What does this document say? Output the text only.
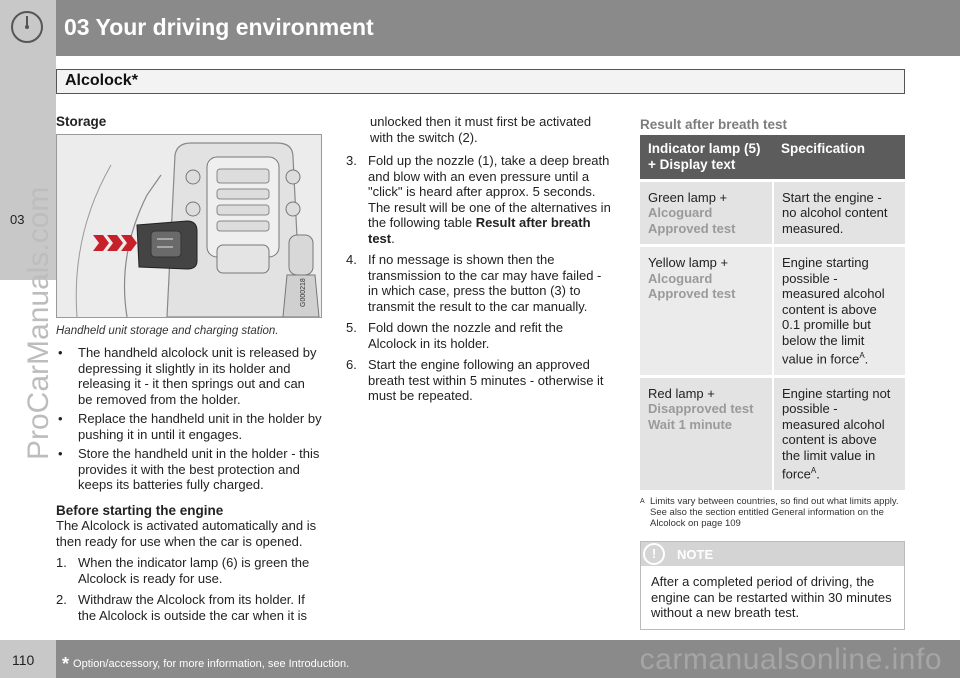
03 Your driving environment
Alcolock*
03
ProCarManuals.com
Storage
G000218
Handheld unit storage and charging station.
• The handheld alcolock unit is released by depressing it slightly in its holder and releasing it - it then springs out and can be removed from the holder.
• Replace the handheld unit in the holder by pushing it in until it engages.
• Store the handheld unit in the holder - this provides it with the best protection and keeps its batteries fully charged.
Before starting the engine
The Alcolock is activated automatically and is then ready for use when the car is opened.
1. When the indicator lamp (6) is green the Alcolock is ready for use.
2. Withdraw the Alcolock from its holder. If the Alcolock is outside the car when it is

unlocked then it must first be activated with the switch (2).

3. Fold up the nozzle (1), take a deep breath and blow with an even pressure until a "click" is heard after approx. 5 seconds. The result will be one of the alternatives in the following table Result after breath test.
4. If no message is shown then the transmission to the car may have failed - in which case, press the button (3) to transmit the result to the car manually.
5. Fold down the nozzle and refit the Alcolock in its holder.
6. Start the engine following an approved breath test within 5 minutes - otherwise it must be repeated.
Result after breath test
Indicator lamp (5) + Display text	Specification
Green lamp + Alcoguard Approved test	Start the engine - no alcohol content measured.
Yellow lamp + Alcoguard Approved test	Engine starting possible - measured alcohol content is above 0.1 promille but below the limit value in force$^A$.
Red lamp + Disapproved test Wait 1 minute	Engine starting not possible - measured alcohol content is above the limit value in force$^A$.
A Limits vary between countries, so find out what limits apply. See also the section entitled General information on the Alcolock on page 109
!	NOTE
After a completed period of driving, the engine can be restarted within 30 minutes without a new breath test.
110 * Option/accessory, for more information, see Introduction.	carmanualsonline.info
